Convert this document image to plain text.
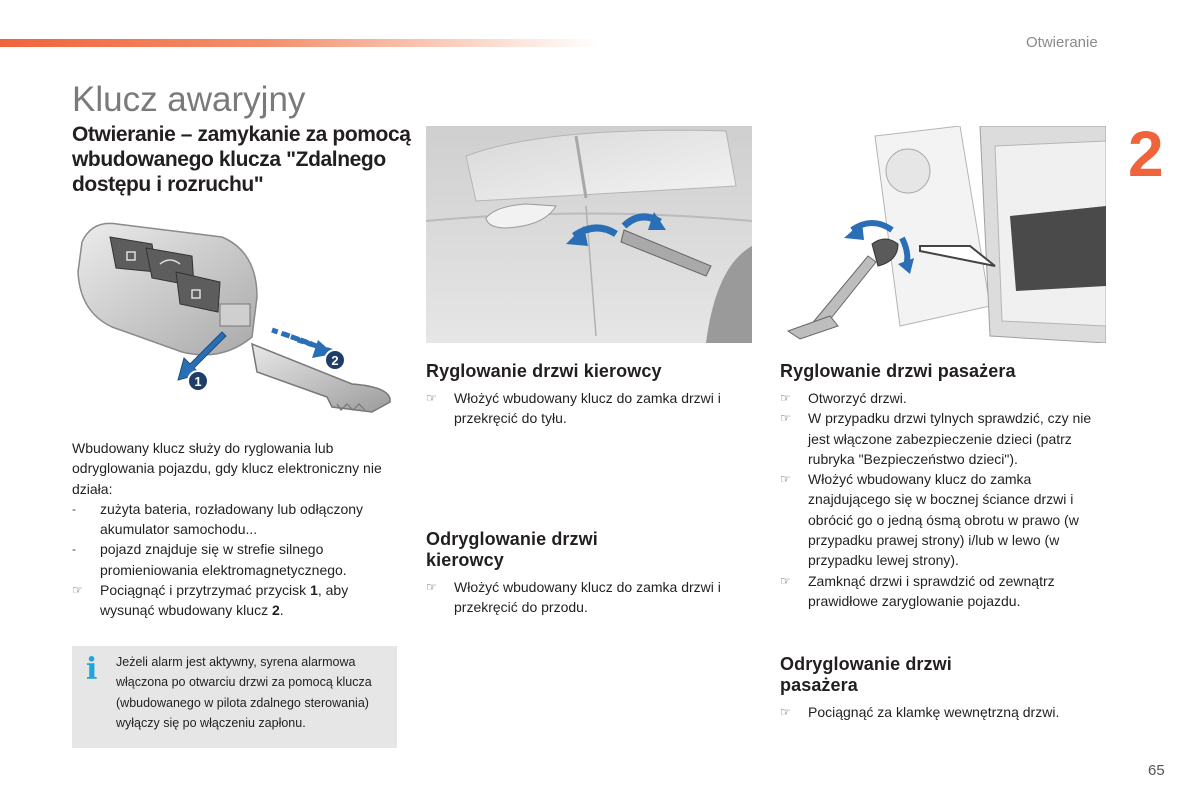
Otwieranie
2
Klucz awaryjny
Otwieranie – zamykanie za pomocą wbudowanego klucza "Zdalnego dostępu i rozruchu"
1
2
Wbudowany klucz służy do ryglowania lub odryglowania pojazdu, gdy klucz elektroniczny nie działa:
- zużyta bateria, rozładowany lub odłączony akumulator samochodu...
- pojazd znajduje się w strefie silnego promieniowania elektromagnetycznego.
☞ Pociągnąć i przytrzymać przycisk 1, aby wysunąć wbudowany klucz 2.
i Jeżeli alarm jest aktywny, syrena alarmowa włączona po otwarciu drzwi za pomocą klucza (wbudowanego w pilota zdalnego sterowania) wyłączy się po włączeniu zapłonu.
Ryglowanie drzwi kierowcy
☞ Włożyć wbudowany klucz do zamka drzwi i przekręcić do tyłu.
Odryglowanie drzwi kierowcy
☞ Włożyć wbudowany klucz do zamka drzwi i przekręcić do przodu.
Ryglowanie drzwi pasażera
☞ Otworzyć drzwi.
☞ W przypadku drzwi tylnych sprawdzić, czy nie jest włączone zabezpieczenie dzieci (patrz rubryka "Bezpieczeństwo dzieci").
☞ Włożyć wbudowany klucz do zamka znajdującego się w bocznej ściance drzwi i obrócić go o jedną ósmą obrotu w prawo (w przypadku prawej strony) i/lub w lewo (w przypadku lewej strony).
☞ Zamknąć drzwi i sprawdzić od zewnątrz prawidłowe zaryglowanie pojazdu.
Odryglowanie drzwi pasażera
☞ Pociągnąć za klamkę wewnętrzną drzwi.
65
